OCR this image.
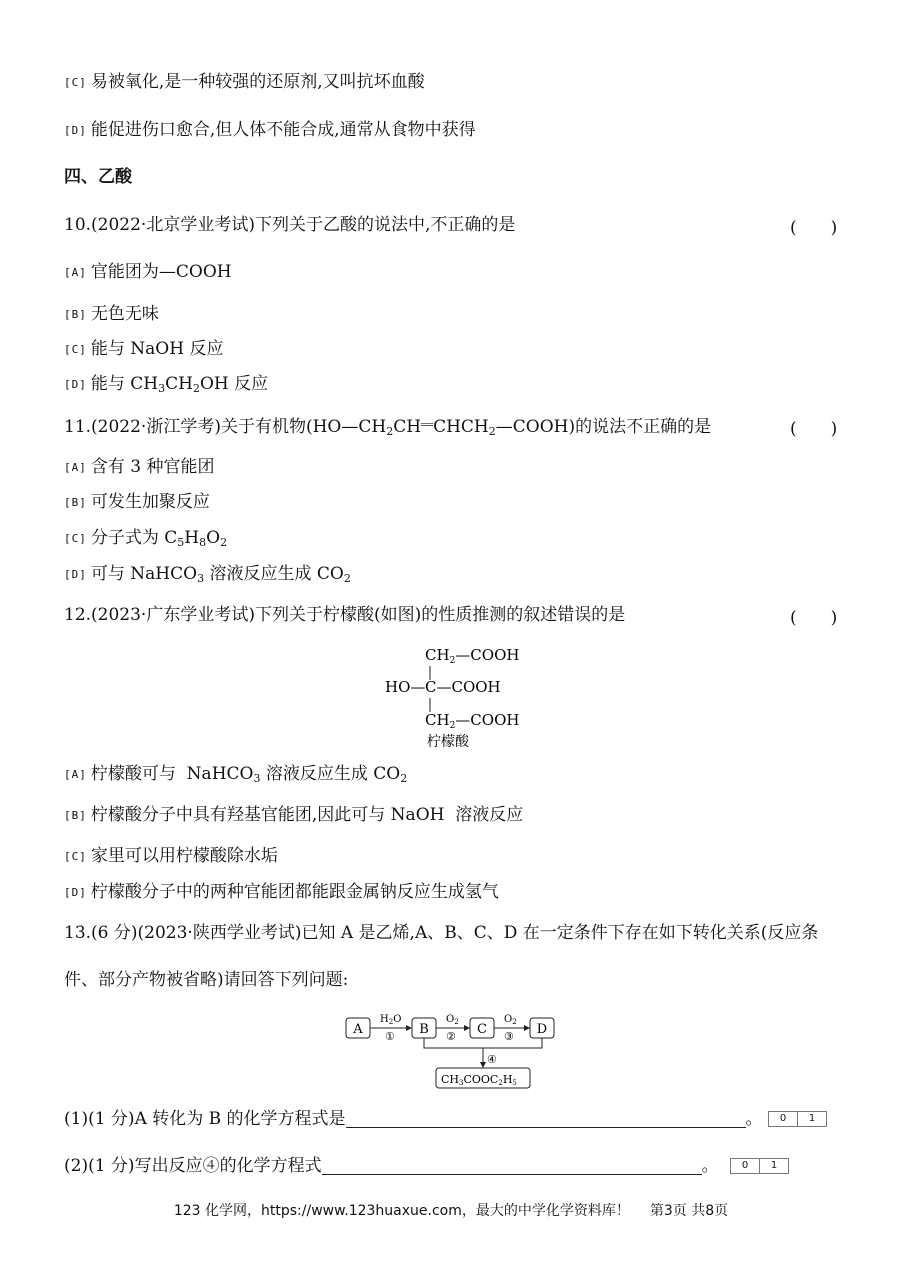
[C] 易被氧化,是一种较强的还原剂,又叫抗坏血酸
[D] 能促进伤口愈合,但人体不能合成,通常从食物中获得
四、乙酸
10.(2022·北京学业考试)下列关于乙酸的说法中,不正确的是	(　　)
[A] 官能团为—COOH
[B] 无色无味
[C] 能与 NaOH 反应
[D] 能与 $CH_3CH_2OH$ 反应
11.(2022·浙江学考)关于有机物$(HO—CH_2CH^{══}CHCH_2—COOH)$的说法不正确的是	(　　)
[A] 含有 3 种官能团
[B] 可发生加聚反应
[C] 分子式为 $C_5H_8O_2$
[D] 可与 NaHCO$_3$ 溶液反应生成 $CO_2$
12.(2023·广东学业考试)下列关于柠檬酸(如图)的性质推测的叙述错误的是	(　　)
$CH_2—COOH$
HO— C—COOH
$CH_2—COOH$
柠檬酸
[A] 柠檬酸可与  NaHCO$_3$ 溶液反应生成 $CO_2$
[B] 柠檬酸分子中具有羟基官能团,因此可与 NaOH  溶液反应
[C] 家里可以用柠檬酸除水垢
[D] 柠檬酸分子中的两种官能团都能跟金属钠反应生成氢气
13.(6 分)(2023·陕西学业考试)已知 A 是乙烯,A、B、C、D 在一定条件下存在如下转化关系(反应条
件、部分产物被省略)请回答下列问题:
A	B	C	D
$H_2O$
①
$O_2$
②
$O_2$
③
④
CH3COOC2H5
(1)(1 分)A 转化为 B 的化学方程式是	。	0	1
(2)(1 分)写出反应④的化学方程式	。	0	1
123 化学网，https://www.123huaxue.com，最大的中学化学资料库！ 第3页 共8页
